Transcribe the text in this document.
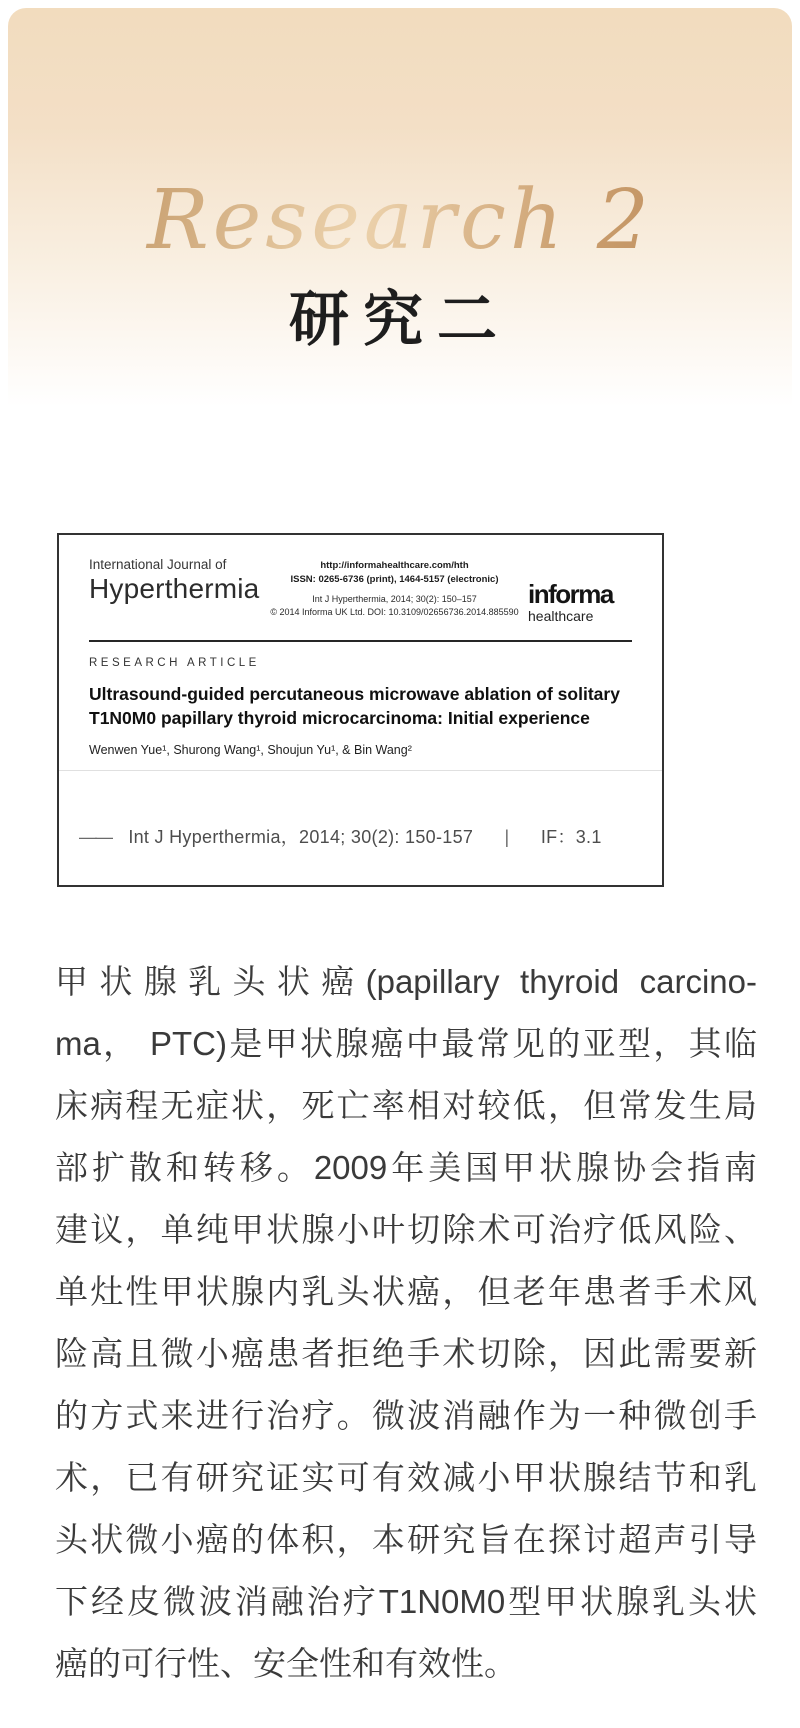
Research 2
研究二
International Journal of
Hyperthermia
http://informahealthcare.com/hth
ISSN: 0265-6736 (print), 1464-5157 (electronic)
Int J Hyperthermia, 2014; 30(2): 150–157
© 2014 Informa UK Ltd. DOI: 10.3109/02656736.2014.885590
informa
healthcare
RESEARCH ARTICLE
Ultrasound-guided percutaneous microwave ablation of solitary
T1N0M0 papillary thyroid microcarcinoma: Initial experience
Wenwen Yue¹, Shurong Wang¹, Shoujun Yu¹, & Bin Wang²
—— Int J Hyperthermia，2014; 30(2): 150-157 | IF：3.1
甲状腺乳头状癌(papillary thyroid carcino-
ma， PTC)是甲状腺癌中最常见的亚型，其临
床病程无症状，死亡率相对较低，但常发生局
部扩散和转移。2009年美国甲状腺协会指南
建议，单纯甲状腺小叶切除术可治疗低风险、
单灶性甲状腺内乳头状癌，但老年患者手术风
险高且微小癌患者拒绝手术切除，因此需要新
的方式来进行治疗。微波消融作为一种微创手
术，已有研究证实可有效减小甲状腺结节和乳
头状微小癌的体积，本研究旨在探讨超声引导
下经皮微波消融治疗T1N0M0型甲状腺乳头状
癌的可行性、安全性和有效性。
